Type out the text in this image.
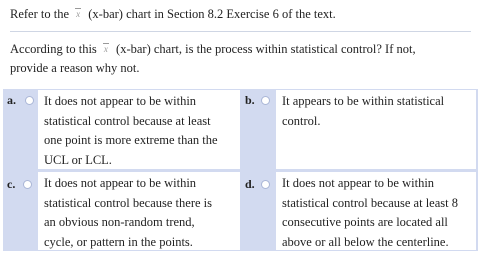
Refer to the x (x-bar) chart in Section 8.2 Exercise 6 of the text.

According to this x (x-bar) chart, is the process within statistical control? If not,

provide a reason why not.

a.	It does not appear to be within

statistical control because at least

one point is more extreme than the

UCL or LCL.

b.	It appears to be within statistical

control.

c.	It does not appear to be within

statistical control because there is

an obvious non-random trend,

cycle, or pattern in the points.

d.	It does not appear to be within

statistical control because at least 8

consecutive points are located all

above or all below the centerline.
